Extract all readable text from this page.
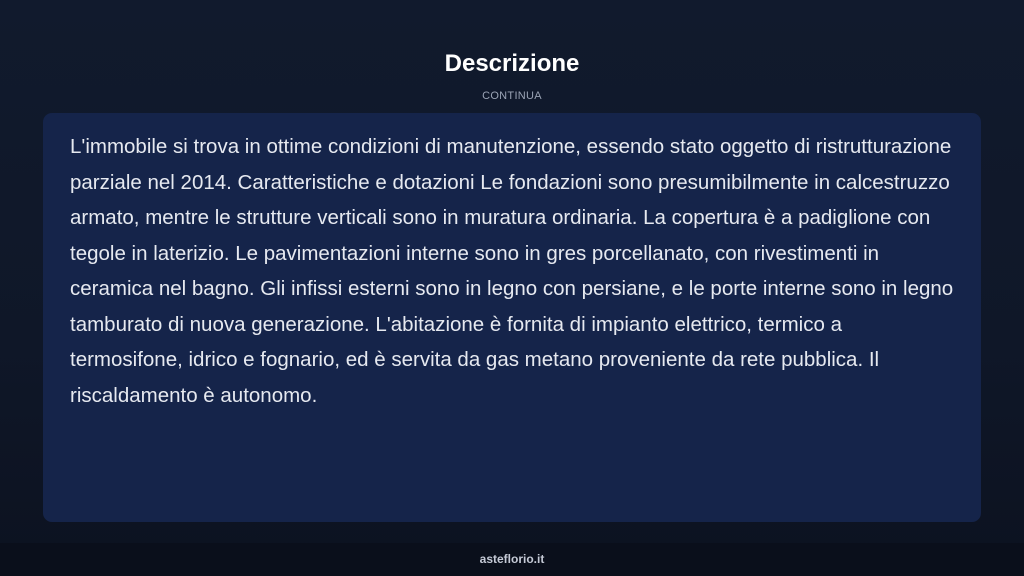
Descrizione
CONTINUA

L'immobile si trova in ottime condizioni di manutenzione, essendo stato oggetto di ristrutturazione parziale nel 2014. Caratteristiche e dotazioni Le fondazioni sono presumibilmente in calcestruzzo armato, mentre le strutture verticali sono in muratura ordinaria. La copertura è a padiglione con tegole in laterizio. Le pavimentazioni interne sono in gres porcellanato, con rivestimenti in ceramica nel bagno. Gli infissi esterni sono in legno con persiane, e le porte interne sono in legno tamburato di nuova generazione. L'abitazione è fornita di impianto elettrico, termico a termosifone, idrico e fognario, ed è servita da gas metano proveniente da rete pubblica. Il riscaldamento è autonomo.

asteflorio.it
